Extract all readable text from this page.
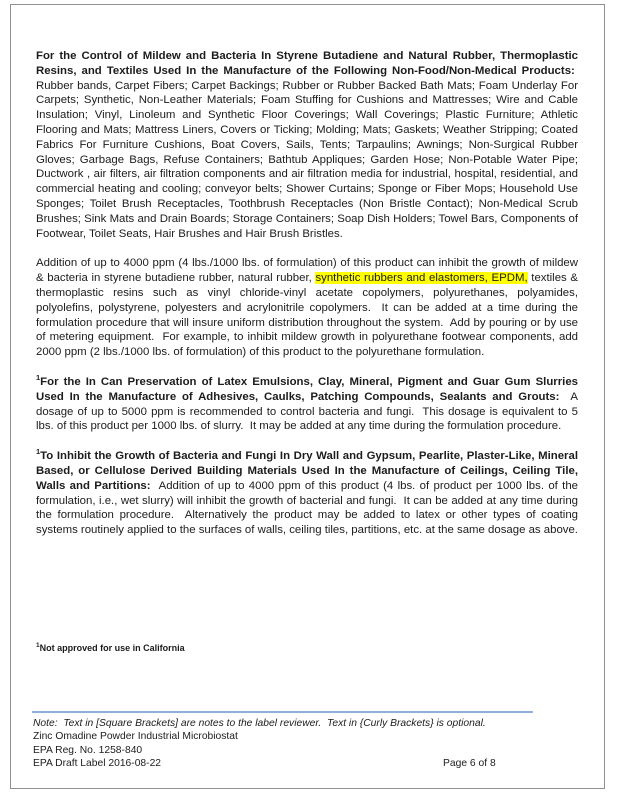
For the Control of Mildew and Bacteria In Styrene Butadiene and Natural Rubber, Thermoplastic Resins, and Textiles Used In the Manufacture of the Following Non-Food/Non-Medical Products:  Rubber bands, Carpet Fibers; Carpet Backings; Rubber or Rubber Backed Bath Mats; Foam Underlay For Carpets; Synthetic, Non-Leather Materials; Foam Stuffing for Cushions and Mattresses; Wire and Cable Insulation; Vinyl, Linoleum and Synthetic Floor Coverings; Wall Coverings; Plastic Furniture; Athletic Flooring and Mats; Mattress Liners, Covers or Ticking; Molding; Mats; Gaskets; Weather Stripping; Coated Fabrics For Furniture Cushions, Boat Covers, Sails, Tents; Tarpaulins; Awnings; Non-Surgical Rubber Gloves; Garbage Bags, Refuse Containers; Bathtub Appliques; Garden Hose; Non-Potable Water Pipe; Ductwork , air filters, air filtration components and air filtration media for industrial, hospital, residential, and commercial heating and cooling; conveyor belts; Shower Curtains; Sponge or Fiber Mops; Household Use Sponges; Toilet Brush Receptacles, Toothbrush Receptacles (Non Bristle Contact); Non-Medical Scrub Brushes; Sink Mats and Drain Boards; Storage Containers; Soap Dish Holders; Towel Bars, Components of Footwear, Toilet Seats, Hair Brushes and Hair Brush Bristles.

Addition of up to 4000 ppm (4 lbs./1000 lbs. of formulation) of this product can inhibit the growth of mildew & bacteria in styrene butadiene rubber, natural rubber, synthetic rubbers and elastomers, EPDM, textiles & thermoplastic resins such as vinyl chloride-vinyl acetate copolymers, polyurethanes, polyamides, polyolefins, polystyrene, polyesters and acrylonitrile copolymers.  It can be added at a time during the formulation procedure that will insure uniform distribution throughout the system.  Add by pouring or by use of metering equipment.  For example, to inhibit mildew growth in polyurethane footwear components, add 2000 ppm (2 lbs./1000 lbs. of formulation) of this product to the polyurethane formulation.

$^1$For the In Can Preservation of Latex Emulsions, Clay, Mineral, Pigment and Guar Gum Slurries Used In the Manufacture of Adhesives, Caulks, Patching Compounds, Sealants and Grouts:  A dosage of up to 5000 ppm is recommended to control bacteria and fungi.  This dosage is equivalent to 5 lbs. of this product per 1000 lbs. of slurry.  It may be added at any time during the formulation procedure.

$^1$To Inhibit the Growth of Bacteria and Fungi In Dry Wall and Gypsum, Pearlite, Plaster-Like, Mineral Based, or Cellulose Derived Building Materials Used In the Manufacture of Ceilings, Ceiling Tile, Walls and Partitions:  Addition of up to 4000 ppm of this product (4 lbs. of product per 1000 lbs. of the formulation, i.e., wet slurry) will inhibit the growth of bacterial and fungi.  It can be added at any time during the formulation procedure.  Alternatively the product may be added to latex or other types of coating systems routinely applied to the surfaces of walls, ceiling tiles, partitions, etc. at the same dosage as above.

$^1$Not approved for use in California
Note:  Text in [Square Brackets] are notes to the label reviewer.  Text in {Curly Brackets} is optional.
Zinc Omadine Powder Industrial Microbiostat
EPA Reg. No. 1258-840
EPA Draft Label 2016-08-22	Page 6 of 8
